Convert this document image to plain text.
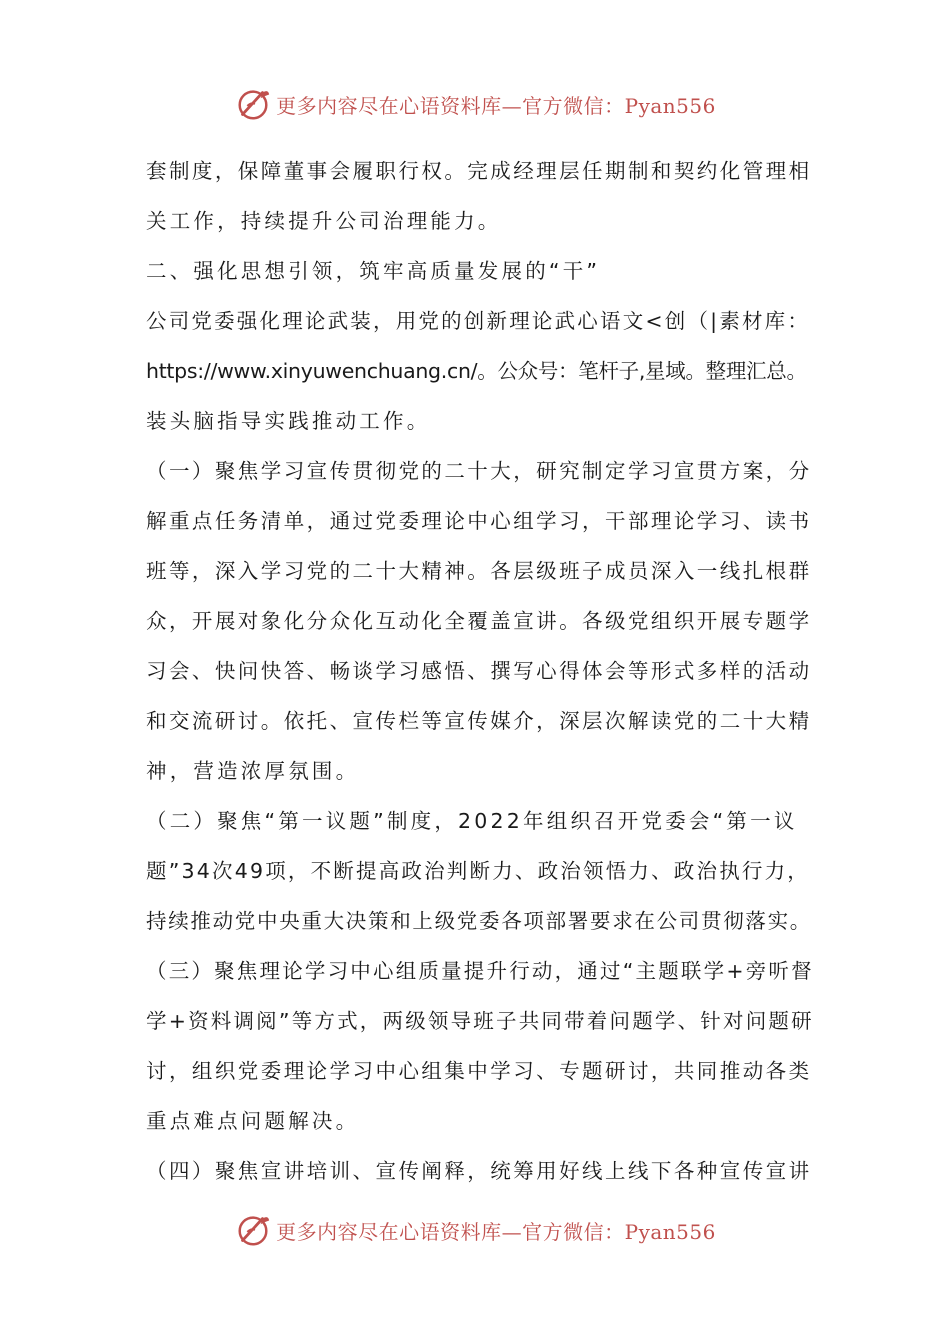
更多内容尽在心语资料库—官方微信：Pyan556
套制度，保障董事会履职行权。完成经理层任期制和契约化管理相
关工作，持续提升公司治理能力。
二、强化思想引领，筑牢高质量发展的“干”
公司党委强化理论武装，用党的创新理论武心语文<创（|素材库：
https://www.xinyuwenchuang.cn/。公众号：笔杆子,星域。整理汇总。
装头脑指导实践推动工作。
（一）聚焦学习宣传贯彻党的二十大，研究制定学习宣贯方案，分
解重点任务清单，通过党委理论中心组学习，干部理论学习、读书
班等，深入学习党的二十大精神。各层级班子成员深入一线扎根群
众，开展对象化分众化互动化全覆盖宣讲。各级党组织开展专题学
习会、快问快答、畅谈学习感悟、撰写心得体会等形式多样的活动
和交流研讨。依托、宣传栏等宣传媒介，深层次解读党的二十大精
神，营造浓厚氛围。
（二）聚焦“第一议题”制度，2022年组织召开党委会“第一议
题”34次49项，不断提高政治判断力、政治领悟力、政治执行力，
持续推动党中央重大决策和上级党委各项部署要求在公司贯彻落实。
（三）聚焦理论学习中心组质量提升行动，通过“主题联学+旁听督
学+资料调阅”等方式，两级领导班子共同带着问题学、针对问题研
讨，组织党委理论学习中心组集中学习、专题研讨，共同推动各类
重点难点问题解决。
（四）聚焦宣讲培训、宣传阐释，统筹用好线上线下各种宣传宣讲
更多内容尽在心语资料库—官方微信：Pyan556
